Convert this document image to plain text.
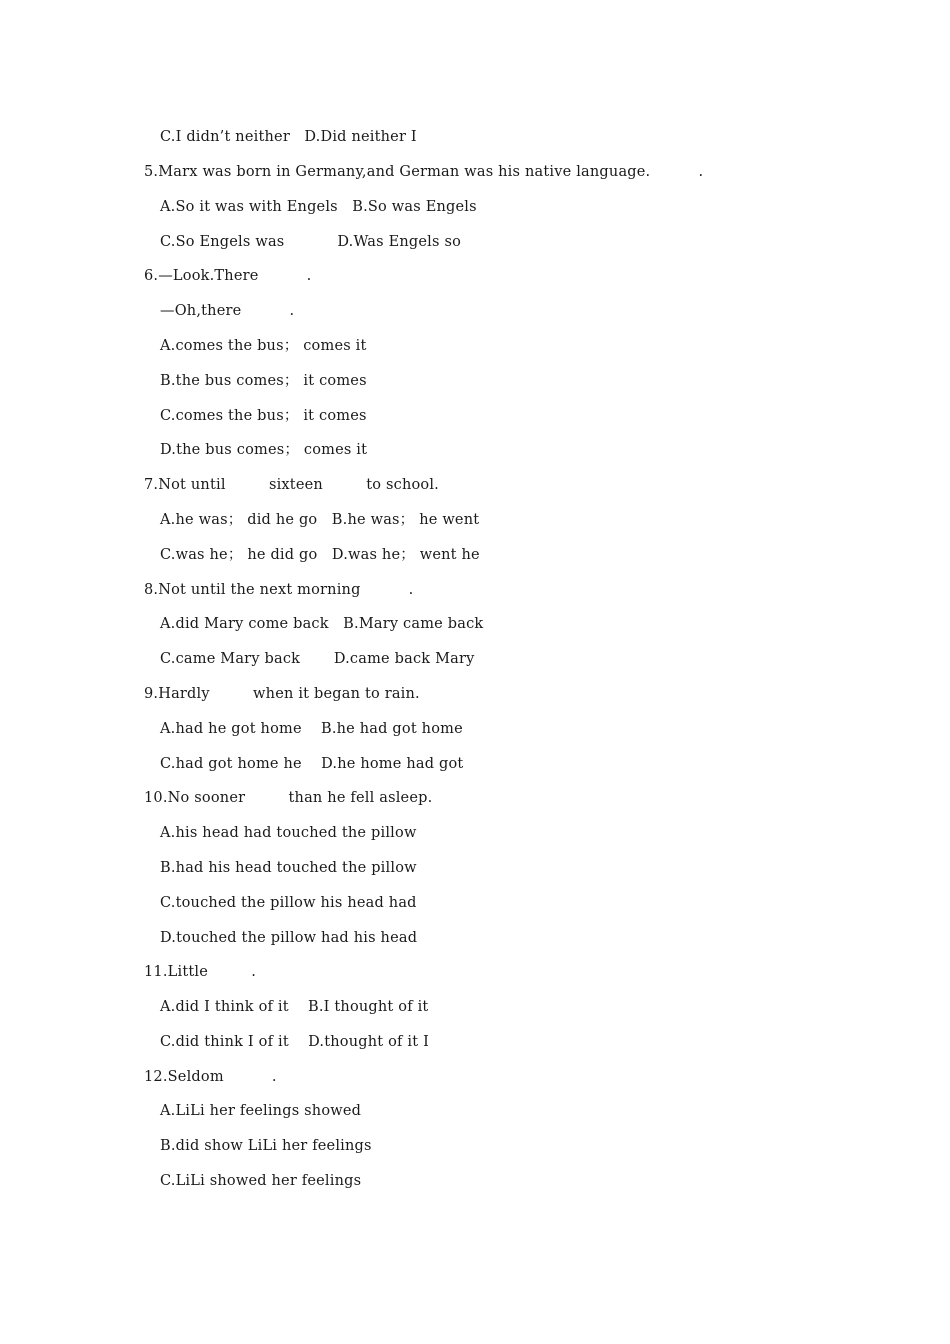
C.I didn’t neither   D.Did neither I
5.Marx was born in Germany,and German was his native language.          .
A.So it was with Engels   B.So was Engels
C.So Engels was           D.Was Engels so
6.—Look.There          .
—Oh,there          .
A.comes the bus； comes it
B.the bus comes； it comes
C.comes the bus； it comes
D.the bus comes； comes it
7.Not until         sixteen         to school.
A.he was； did he go   B.he was； he went
C.was he； he did go   D.was he； went he
8.Not until the next morning          .
A.did Mary come back   B.Mary came back
C.came Mary back       D.came back Mary
9.Hardly         when it began to rain.
A.had he got home    B.he had got home
C.had got home he    D.he home had got
10.No sooner         than he fell asleep.
A.his head had touched the pillow
B.had his head touched the pillow
C.touched the pillow his head had
D.touched the pillow had his head
11.Little         .
A.did I think of it    B.I thought of it
C.did think I of it    D.thought of it I
12.Seldom          .
A.LiLi her feelings showed
B.did show LiLi her feelings
C.LiLi showed her feelings
